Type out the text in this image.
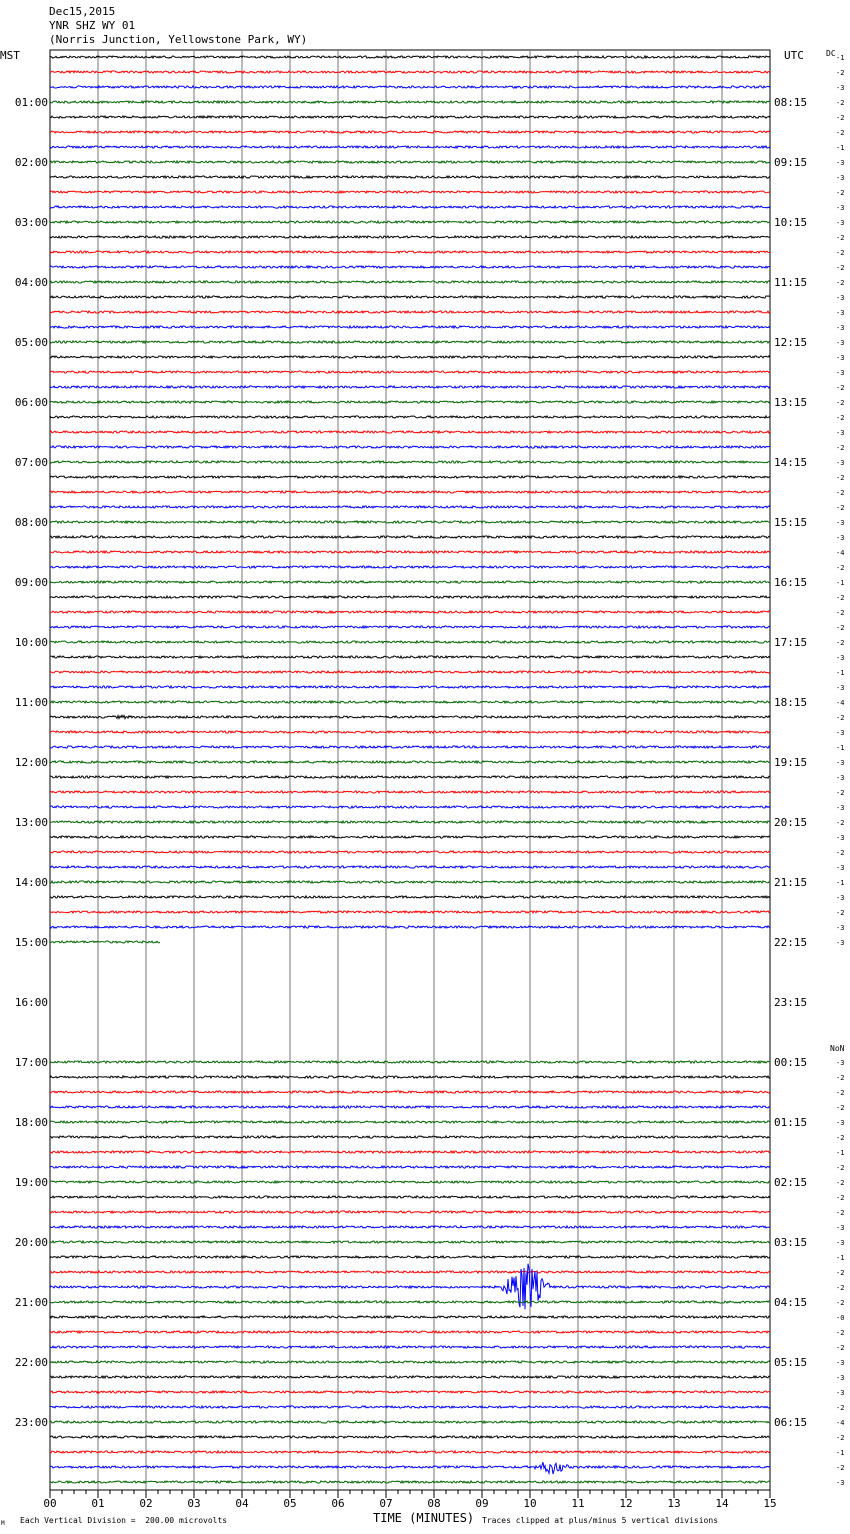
Dec15,2015
YNR SHZ WY 01
(Norris Junction, Yellowstone Park, WY)
MST	UTC	DC
NoN
01:00
02:00
03:00
04:00
05:00
06:00
07:00
08:00
09:00
10:00
11:00
12:00
13:00
14:00
15:00
16:00
17:00
18:00
19:00
20:00
21:00
22:00
23:00
08:15
09:15
10:15
11:15
12:15
13:15
14:15
15:15
16:15
17:15
18:15
19:15
20:15
21:15
22:15
23:15
00:15
01:15
02:15
03:15
04:15
05:15
06:15
-1
-2
-3
-2
-2
-2
-1
-3
-3
-2
-3
-3
-2
-2
-2
-2
-3
-3
-3
-3
-3
-3
-2
-2
-2
-3
-2
-3
-2
-2
-2
-3
-3
-4
-2
-1
-2
-2
-2
-2
-3
-1
-3
-4
-2
-3
-1
-3
-3
-2
-3
-2
-3
-2
-3
-1
-3
-2
-3
-3
-3
-2
-2
-2
-3
-2
-1
-2
-2
-2
-2
-3
-3
-1
-2
-2
-2
-0
-2
-2
-3
-3
-3
-2
-4
-2
-1
-2
-3
00	01	02	03	04	05	06	07	08	09	10	11	12	13	14	15
TIME (MINUTES)
Each Vertical Division =  200.00 microvolts	Traces clipped at plus/minus 5 vertical divisions
M
